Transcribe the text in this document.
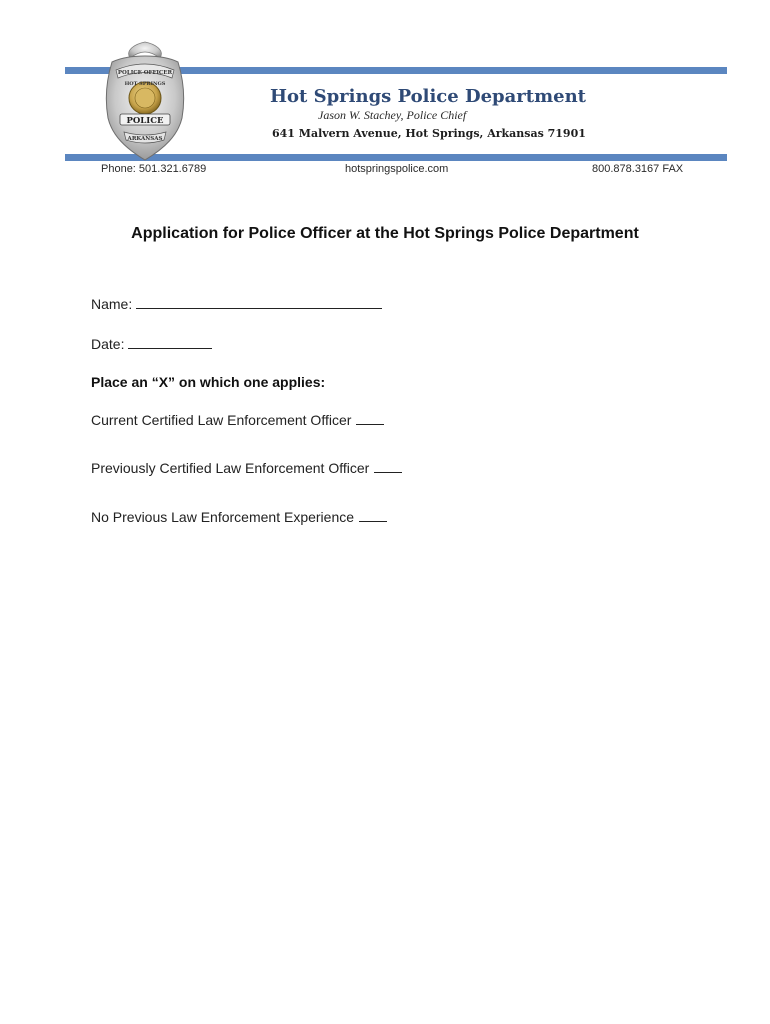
POLICE OFFICER
HOT SPRINGS
POLICE
ARKANSAS
Hot Springs Police Department
Jason W. Stachey, Police Chief
641 Malvern Avenue, Hot Springs, Arkansas 71901
Phone: 501.321.6789	hotspringspolice.com	800.878.3167 FAX
Application for Police Officer at the Hot Springs Police Department
Name:
Date:
Place an “X” on which one applies:
Current Certified Law Enforcement Officer
Previously Certified Law Enforcement Officer
No Previous Law Enforcement Experience
